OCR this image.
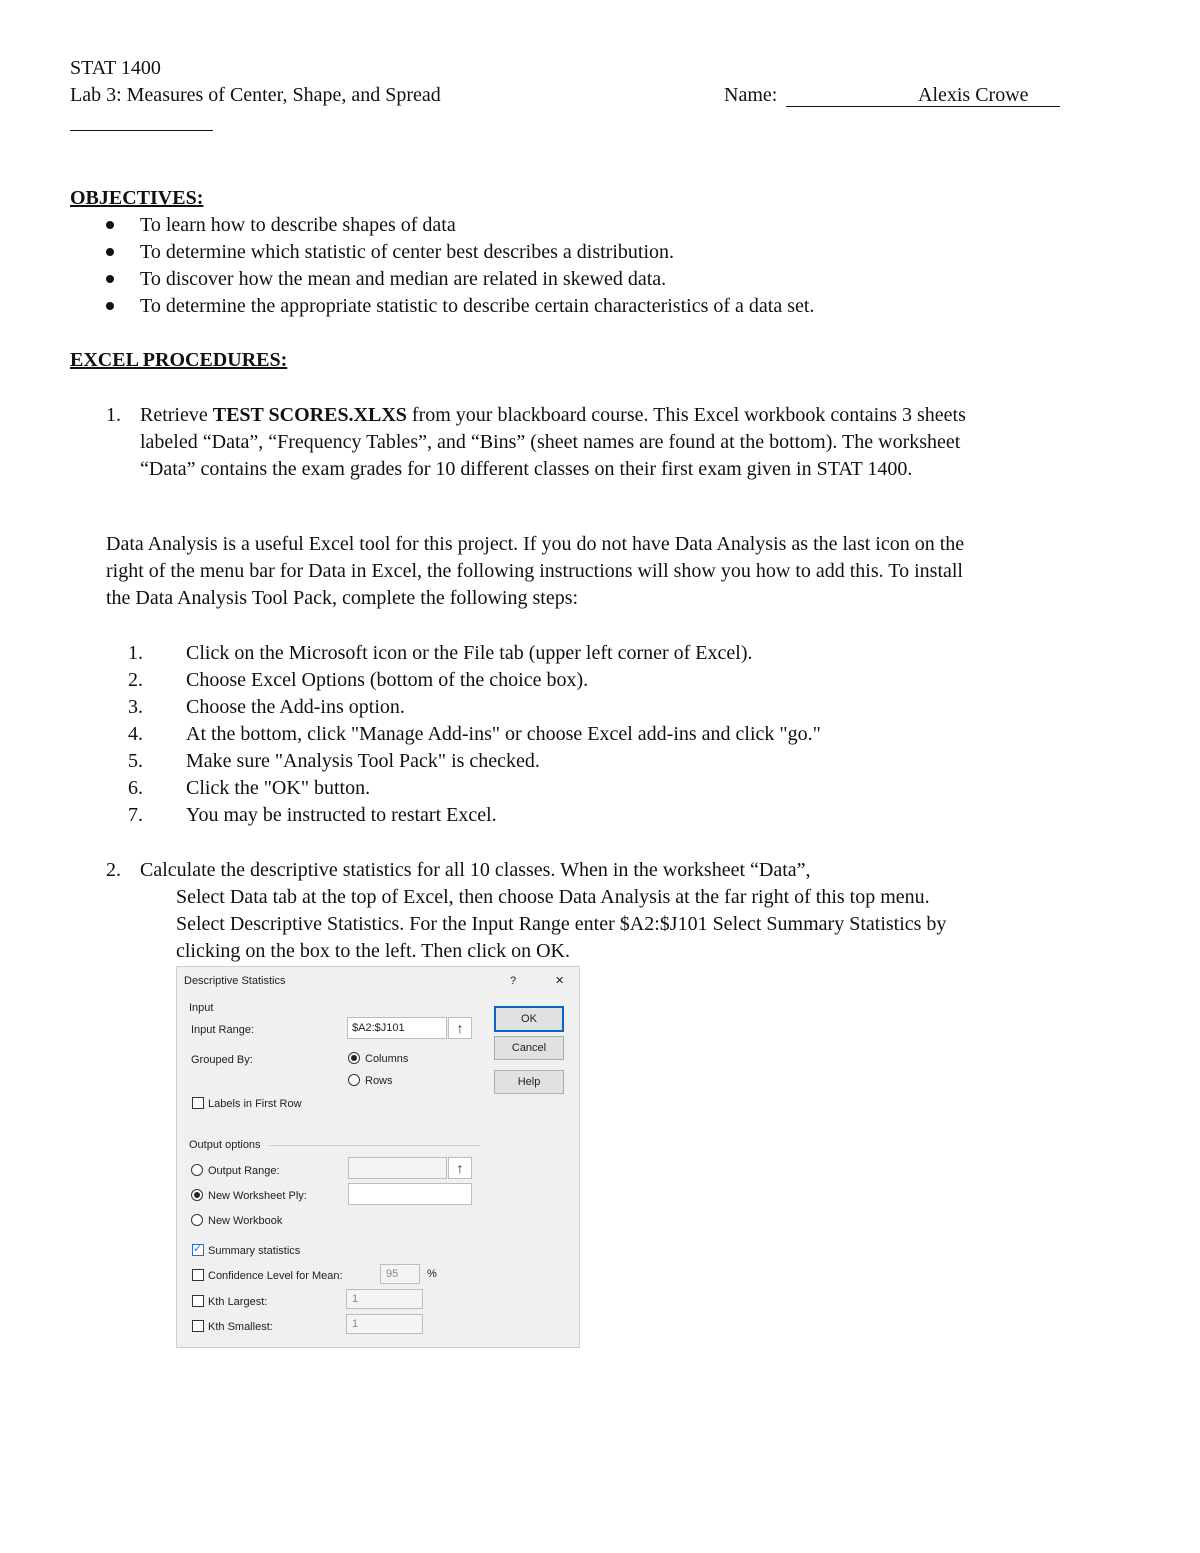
STAT 1400
Lab 3: Measures of Center, Shape, and Spread	Name:	Alexis Crowe
OBJECTIVES:
To learn how to describe shapes of data
To determine which statistic of center best describes a distribution.
To discover how the mean and median are related in skewed data.
To determine the appropriate statistic to describe certain characteristics of a data set.
EXCEL PROCEDURES:
1. Retrieve TEST SCORES.XLXS from your blackboard course. This Excel workbook contains 3 sheets
labeled “Data”, “Frequency Tables”, and “Bins” (sheet names are found at the bottom). The worksheet
“Data” contains the exam grades for 10 different classes on their first exam given in STAT 1400.
Data Analysis is a useful Excel tool for this project. If you do not have Data Analysis as the last icon on the
right of the menu bar for Data in Excel, the following instructions will show you how to add this. To install
the Data Analysis Tool Pack, complete the following steps:
1. Click on the Microsoft icon or the File tab (upper left corner of Excel).
2. Choose Excel Options (bottom of the choice box).
3. Choose the Add-ins option.
4. At the bottom, click "Manage Add-ins" or choose Excel add-ins and click "go."
5. Make sure "Analysis Tool Pack" is checked.
6. Click the "OK" button.
7. You may be instructed to restart Excel.
2. Calculate the descriptive statistics for all 10 classes. When in the worksheet “Data”,
Select Data tab at the top of Excel, then choose Data Analysis at the far right of this top menu.
Select Descriptive Statistics. For the Input Range enter $A2:$J101 Select Summary Statistics by
clicking on the box to the left. Then click on OK.
Descriptive Statistics	?	✕
Input
Input Range:	$A2:$J101	↑
Grouped By:	Columns
Rows
Labels in First Row
Output options
Output Range:	↑
New Worksheet Ply:
New Workbook
✓
Summary statistics
Confidence Level for Mean:	95	%
Kth Largest:	1
Kth Smallest:	1
OK
Cancel
Help
